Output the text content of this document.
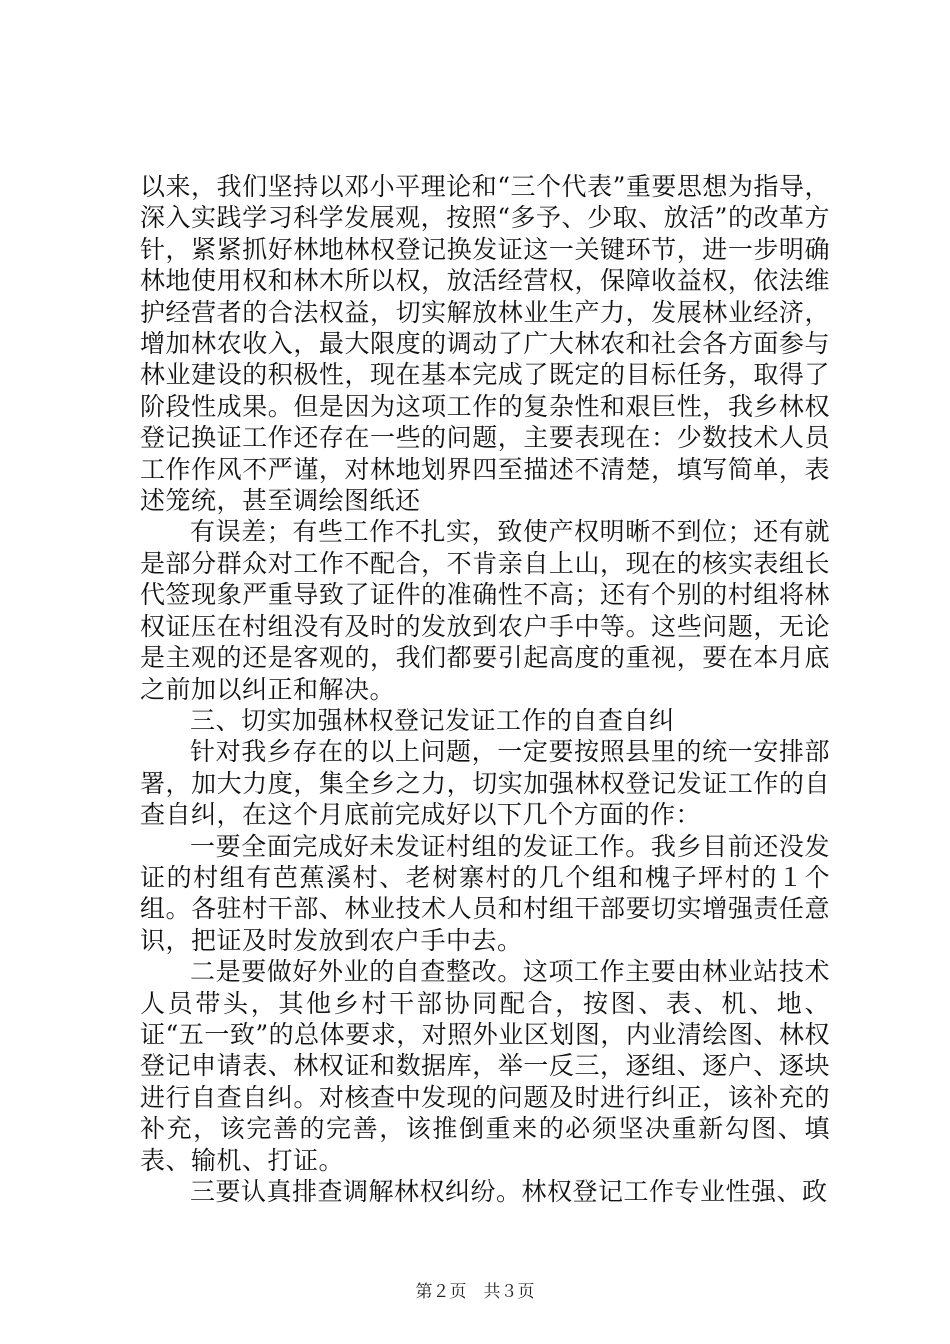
以来，我们坚持以邓小平理论和“三个代表”重要思想为指导，深入实践学习科学发展观，按照“多予、少取、放活”的改革方针，紧紧抓好林地林权登记换发证这一关键环节，进一步明确林地使用权和林木所以权，放活经营权，保障收益权，依法维护经营者的合法权益，切实解放林业生产力，发展林业经济，增加林农收入，最大限度的调动了广大林农和社会各方面参与林业建设的积极性，现在基本完成了既定的目标任务，取得了阶段性成果。但是因为这项工作的复杂性和艰巨性，我乡林权登记换证工作还存在一些的问题，主要表现在：少数技术人员工作作风不严谨，对林地划界四至描述不清楚，填写简单，表述笼统，甚至调绘图纸还

有误差；有些工作不扎实，致使产权明晰不到位；还有就是部分群众对工作不配合，不肯亲自上山，现在的核实表组长代签现象严重导致了证件的准确性不高；还有个别的村组将林权证压在村组没有及时的发放到农户手中等。这些问题，无论是主观的还是客观的，我们都要引起高度的重视，要在本月底之前加以纠正和解决。

三、切实加强林权登记发证工作的自查自纠

针对我乡存在的以上问题，一定要按照县里的统一安排部署，加大力度，集全乡之力，切实加强林权登记发证工作的自查自纠，在这个月底前完成好以下几个方面的作：

一要全面完成好未发证村组的发证工作。我乡目前还没发证的村组有芭蕉溪村、老树寨村的几个组和槐子坪村的１个组。各驻村干部、林业技术人员和村组干部要切实增强责任意识，把证及时发放到农户手中去。

二是要做好外业的自查整改。这项工作主要由林业站技术人员带头，其他乡村干部协同配合，按图、表、机、地、证“五一致”的总体要求，对照外业区划图，内业清绘图、林权登记申请表、林权证和数据库，举一反三，逐组、逐户、逐块进行自查自纠。对核查中发现的问题及时进行纠正，该补充的补充，该完善的完善，该推倒重来的必须坚决重新勾图、填表、输机、打证。

三要认真排查调解林权纠纷。林权登记工作专业性强、政

第２页　共３页
